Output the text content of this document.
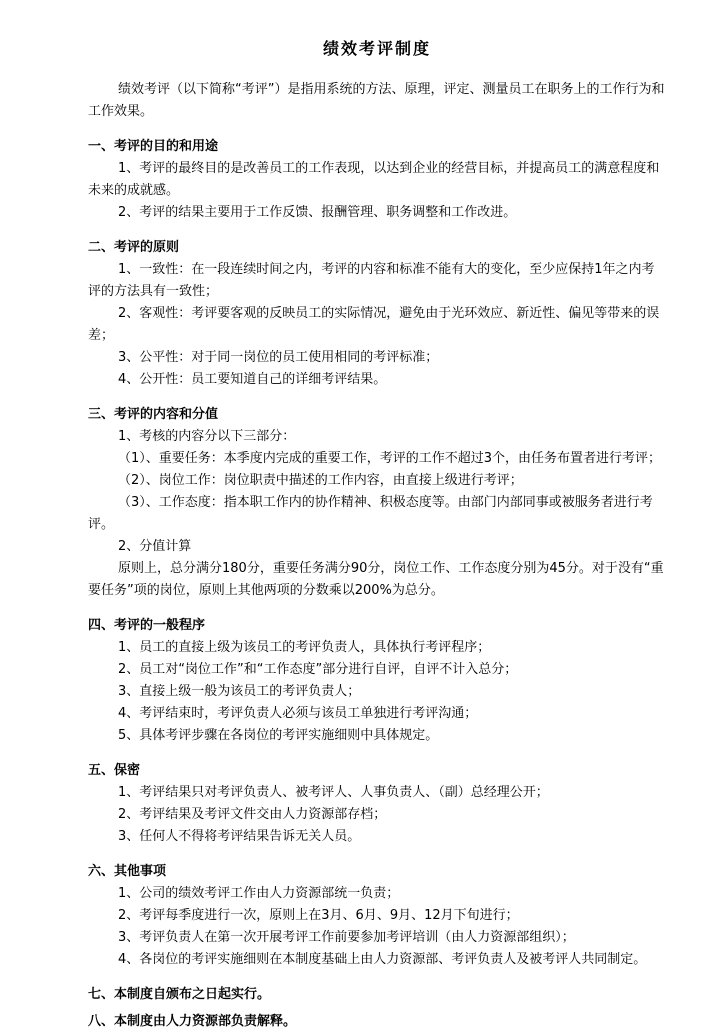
绩效考评制度

绩效考评（以下简称“考评”）是指用系统的方法、原理，评定、测量员工在职务上的工作行为和工作效果。

一、考评的目的和用途

1、考评的最终目的是改善员工的工作表现，以达到企业的经营目标，并提高员工的满意程度和未来的成就感。

2、考评的结果主要用于工作反馈、报酬管理、职务调整和工作改进。

二、考评的原则

1、一致性：在一段连续时间之内，考评的内容和标准不能有大的变化，至少应保持1年之内考评的方法具有一致性；

2、客观性：考评要客观的反映员工的实际情况，避免由于光环效应、新近性、偏见等带来的误差；

3、公平性：对于同一岗位的员工使用相同的考评标准；

4、公开性：员工要知道自己的详细考评结果。

三、考评的内容和分值

1、考核的内容分以下三部分：

（1）、重要任务：本季度内完成的重要工作，考评的工作不超过3个，由任务布置者进行考评；

（2）、岗位工作：岗位职责中描述的工作内容，由直接上级进行考评；

（3）、工作态度：指本职工作内的协作精神、积极态度等。由部门内部同事或被服务者进行考评。

2、分值计算

原则上，总分满分180分，重要任务满分90分，岗位工作、工作态度分别为45分。对于没有“重要任务”项的岗位，原则上其他两项的分数乘以200%为总分。

四、考评的一般程序

1、员工的直接上级为该员工的考评负责人，具体执行考评程序；

2、员工对“岗位工作”和“工作态度”部分进行自评，自评不计入总分；

3、直接上级一般为该员工的考评负责人；

4、考评结束时，考评负责人必须与该员工单独进行考评沟通；

5、具体考评步骤在各岗位的考评实施细则中具体规定。

五、保密

1、考评结果只对考评负责人、被考评人、人事负责人、（副）总经理公开；

2、考评结果及考评文件交由人力资源部存档；

3、任何人不得将考评结果告诉无关人员。

六、其他事项

1、公司的绩效考评工作由人力资源部统一负责；

2、考评每季度进行一次，原则上在3月、6月、9月、12月下旬进行；

3、考评负责人在第一次开展考评工作前要参加考评培训（由人力资源部组织）；

4、各岗位的考评实施细则在本制度基础上由人力资源部、考评负责人及被考评人共同制定。

七、本制度自颁布之日起实行。

八、本制度由人力资源部负责解释。
